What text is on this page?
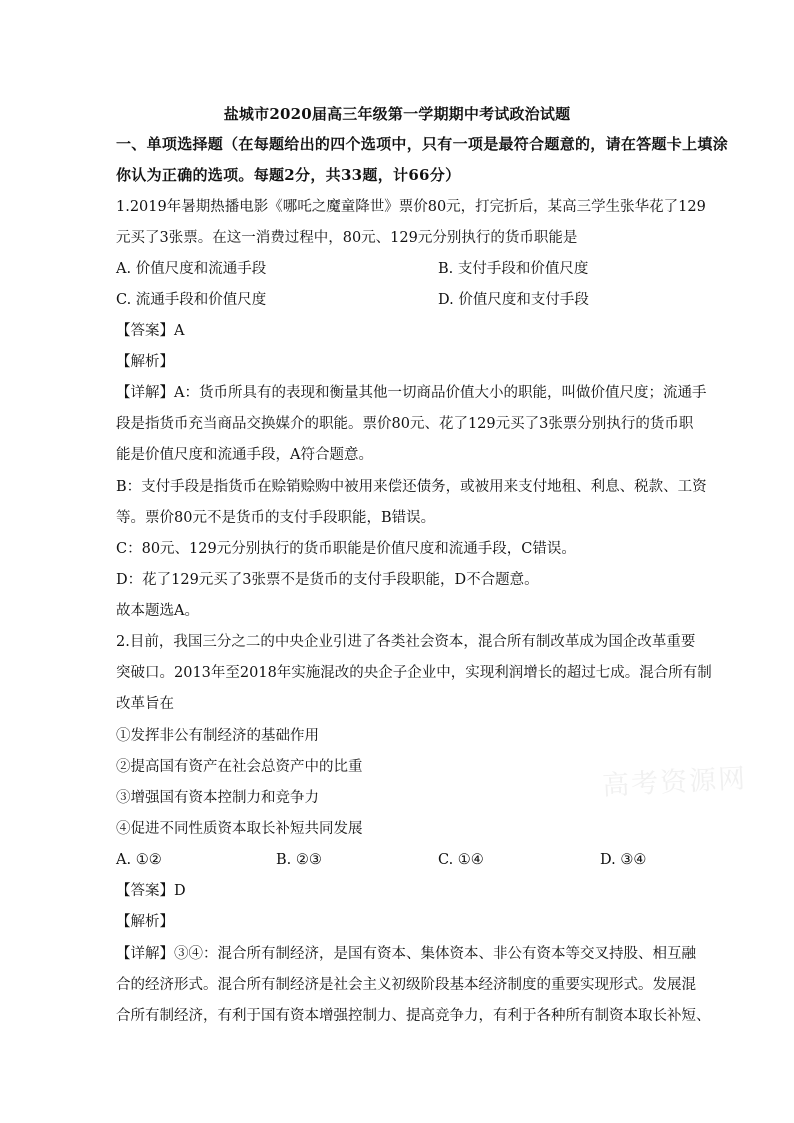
盐城市2020届高三年级第一学期期中考试政治试题
一、单项选择题（在每题给出的四个选项中，只有一项是最符合题意的，请在答题卡上填涂
你认为正确的选项。每题2分，共33题，计66分）
1.2019年暑期热播电影《哪吒之魔童降世》票价80元，打完折后，某高三学生张华花了129
元买了3张票。在这一消费过程中，80元、129元分别执行的货币职能是
A. 价值尺度和流通手段	B. 支付手段和价值尺度
C. 流通手段和价值尺度	D. 价值尺度和支付手段
【答案】A
【解析】
【详解】A：货币所具有的表现和衡量其他一切商品价值大小的职能，叫做价值尺度；流通手
段是指货币充当商品交换媒介的职能。票价80元、花了129元买了3张票分别执行的货币职
能是价值尺度和流通手段，A符合题意。
B：支付手段是指货币在赊销赊购中被用来偿还债务，或被用来支付地租、利息、税款、工资
等。票价80元不是货币的支付手段职能，B错误。
C：80元、129元分别执行的货币职能是价值尺度和流通手段，C错误。
D：花了129元买了3张票不是货币的支付手段职能，D不合题意。
故本题选A。
2.目前，我国三分之二的中央企业引进了各类社会资本，混合所有制改革成为国企改革重要
突破口。2013年至2018年实施混改的央企子企业中，实现利润增长的超过七成。混合所有制
改革旨在
①发挥非公有制经济的基础作用
②提高国有资产在社会总资产中的比重
③增强国有资本控制力和竞争力
④促进不同性质资本取长补短共同发展
A. ①②	B. ②③	C. ①④	D. ③④
【答案】D
【解析】
【详解】③④：混合所有制经济，是国有资本、集体资本、非公有资本等交叉持股、相互融
合的经济形式。混合所有制经济是社会主义初级阶段基本经济制度的重要实现形式。发展混
合所有制经济，有利于国有资本增强控制力、提高竞争力，有利于各种所有制资本取长补短、
高考资源网
